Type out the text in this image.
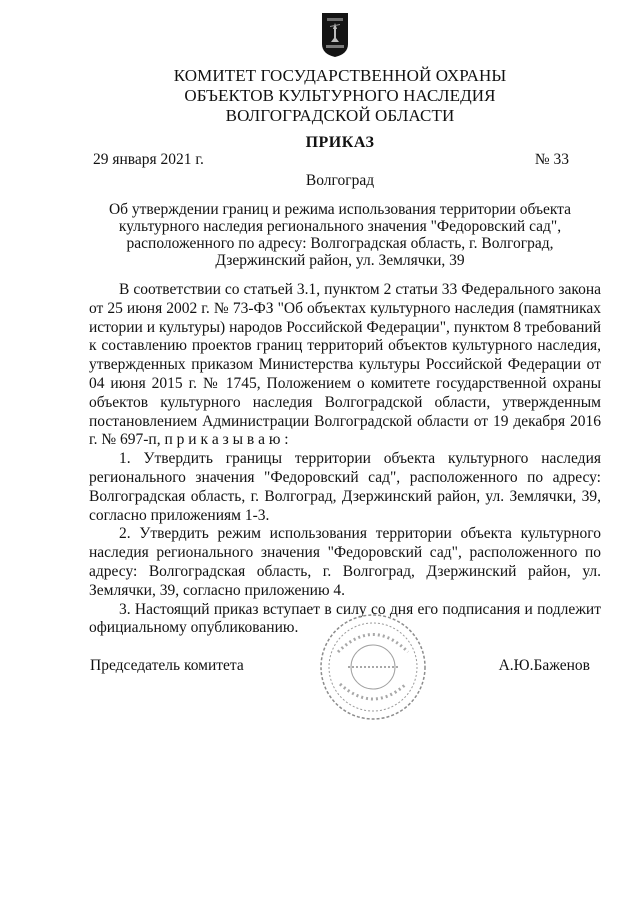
КОМИТЕТ ГОСУДАРСТВЕННОЙ ОХРАНЫ
ОБЪЕКТОВ КУЛЬТУРНОГО НАСЛЕДИЯ
ВОЛГОГРАДСКОЙ ОБЛАСТИ
ПРИКАЗ
29 января 2021 г.	№ 33
Волгоград
Об утверждении границ и режима использования территории объекта
культурного наследия регионального значения "Федоровский сад",
расположенного по адресу: Волгоградская область, г. Волгоград,
Дзержинский район, ул. Землячки, 39

В соответствии со статьей 3.1, пунктом 2 статьи 33 Федерального закона от 25 июня 2002 г. № 73-ФЗ "Об объектах культурного наследия (памятниках истории и культуры) народов Российской Федерации", пунктом 8 требований к составлению проектов границ территорий объектов культурного наследия, утвержденных приказом Министерства культуры Российской Федерации от 04 июня 2015 г. № 1745, Положением о комитете государственной охраны объектов культурного наследия Волгоградской области, утвержденным постановлением Администрации Волгоградской области от 19 декабря 2016 г. № 697-п, п р и к а з ы в а ю :

1. Утвердить границы территории объекта культурного наследия регионального значения "Федоровский сад", расположенного по адресу: Волгоградская область, г. Волгоград, Дзержинский район, ул. Землячки, 39, согласно приложениям 1-3.

2. Утвердить режим использования территории объекта культурного наследия регионального значения "Федоровский сад", расположенного по адресу: Волгоградская область, г. Волгоград, Дзержинский район, ул. Землячки, 39, согласно приложению 4.

3. Настоящий приказ вступает в силу со дня его подписания и подлежит официальному опубликованию.

Председатель комитета	А.Ю.Баженов
